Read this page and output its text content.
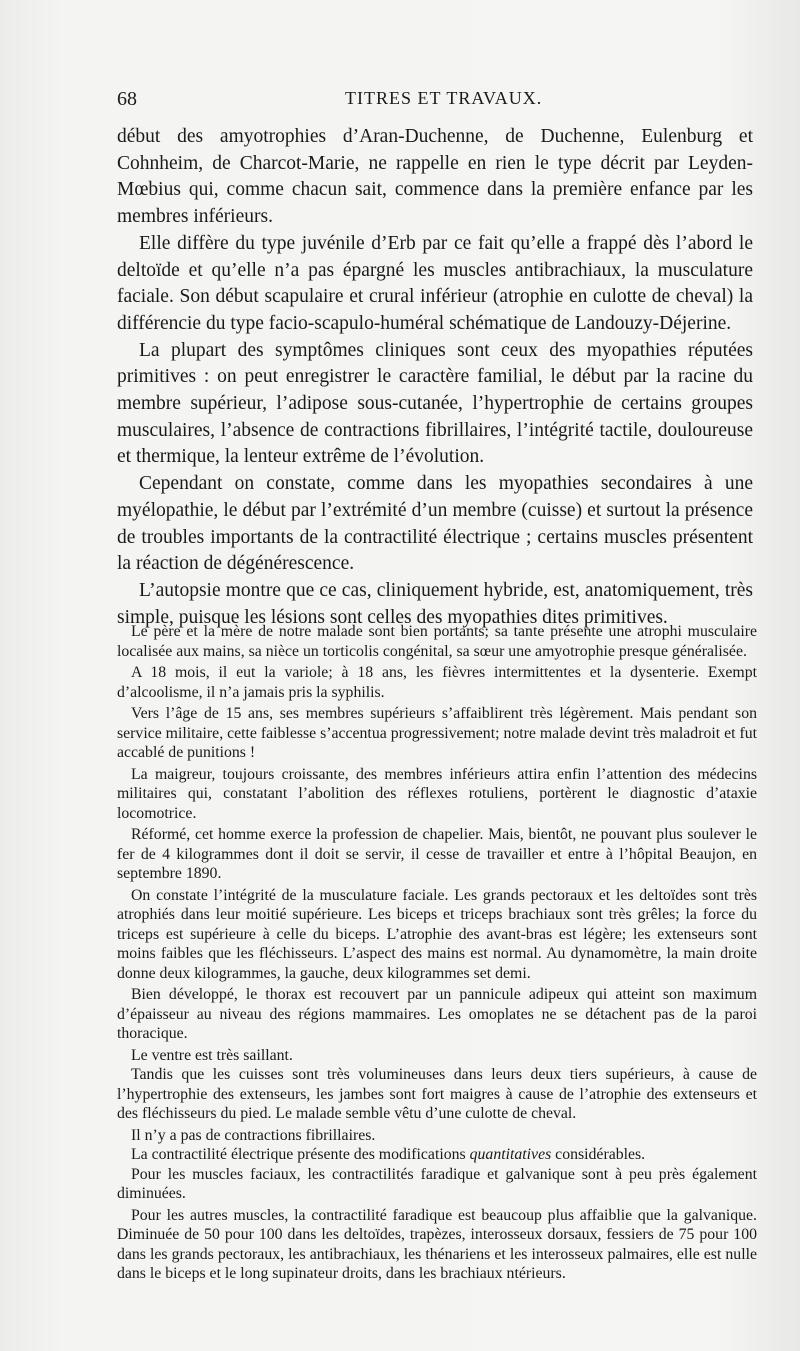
68	TITRES ET TRAVAUX.

début des amyotrophies d’Aran-Duchenne, de Duchenne, Eulenburg et Cohnheim, de Charcot-Marie, ne rappelle en rien le type décrit par Leyden-Mœbius qui, comme chacun sait, commence dans la première enfance par les membres inférieurs.

Elle diffère du type juvénile d’Erb par ce fait qu’elle a frappé dès l’abord le deltoïde et qu’elle n’a pas épargné les muscles antibrachiaux, la musculature faciale. Son début scapulaire et crural inférieur (atrophie en culotte de cheval) la différencie du type facio-scapulo-huméral schématique de Landouzy-Déjerine.

La plupart des symptômes cliniques sont ceux des myopathies réputées primitives : on peut enregistrer le caractère familial, le début par la racine du membre supérieur, l’adipose sous-cutanée, l’hypertrophie de certains groupes musculaires, l’absence de contractions fibrillaires, l’intégrité tactile, douloureuse et thermique, la lenteur extrême de l’évolution.

Cependant on constate, comme dans les myopathies secondaires à une myélopathie, le début par l’extrémité d’un membre (cuisse) et surtout la présence de troubles importants de la contractilité électrique ; certains muscles présentent la réaction de dégénérescence.

L’autopsie montre que ce cas, cliniquement hybride, est, anatomiquement, très simple, puisque les lésions sont celles des myopathies dites primitives.

Le père et la mère de notre malade sont bien portants; sa tante présente une atrophi musculaire localisée aux mains, sa nièce un torticolis congénital, sa sœur une amyotrophie presque généralisée.

A 18 mois, il eut la variole; à 18 ans, les fièvres intermittentes et la dysenterie. Exempt d’alcoolisme, il n’a jamais pris la syphilis.

Vers l’âge de 15 ans, ses membres supérieurs s’affaiblirent très légèrement. Mais pendant son service militaire, cette faiblesse s’accentua progressivement; notre malade devint très maladroit et fut accablé de punitions !

La maigreur, toujours croissante, des membres inférieurs attira enfin l’attention des médecins militaires qui, constatant l’abolition des réflexes rotuliens, portèrent le diagnostic d’ataxie locomotrice.

Réformé, cet homme exerce la profession de chapelier. Mais, bientôt, ne pouvant plus soulever le fer de 4 kilogrammes dont il doit se servir, il cesse de travailler et entre à l’hôpital Beaujon, en septembre 1890.

On constate l’intégrité de la musculature faciale. Les grands pectoraux et les deltoïdes sont très atrophiés dans leur moitié supérieure. Les biceps et triceps brachiaux sont très grêles; la force du triceps est supérieure à celle du biceps. L’atrophie des avant-bras est légère; les extenseurs sont moins faibles que les fléchisseurs. L’aspect des mains est normal. Au dynamomètre, la main droite donne deux kilogrammes, la gauche, deux kilogrammes set demi.

Bien développé, le thorax est recouvert par un pannicule adipeux qui atteint son maximum d’épaisseur au niveau des régions mammaires. Les omoplates ne se détachent pas de la paroi thoracique.

Le ventre est très saillant.

Tandis que les cuisses sont très volumineuses dans leurs deux tiers supérieurs, à cause de l’hypertrophie des extenseurs, les jambes sont fort maigres à cause de l’atrophie des extenseurs et des fléchisseurs du pied. Le malade semble vêtu d’une culotte de cheval.

Il n’y a pas de contractions fibrillaires.

La contractilité électrique présente des modifications quantitatives considérables.

Pour les muscles faciaux, les contractilités faradique et galvanique sont à peu près également diminuées.

Pour les autres muscles, la contractilité faradique est beaucoup plus affaiblie que la galvanique. Diminuée de 50 pour 100 dans les deltoïdes, trapèzes, interosseux dorsaux, fessiers de 75 pour 100 dans les grands pectoraux, les antibrachiaux, les thénariens et les interosseux palmaires, elle est nulle dans le biceps et le long supinateur droits, dans les brachiaux ntérieurs.
